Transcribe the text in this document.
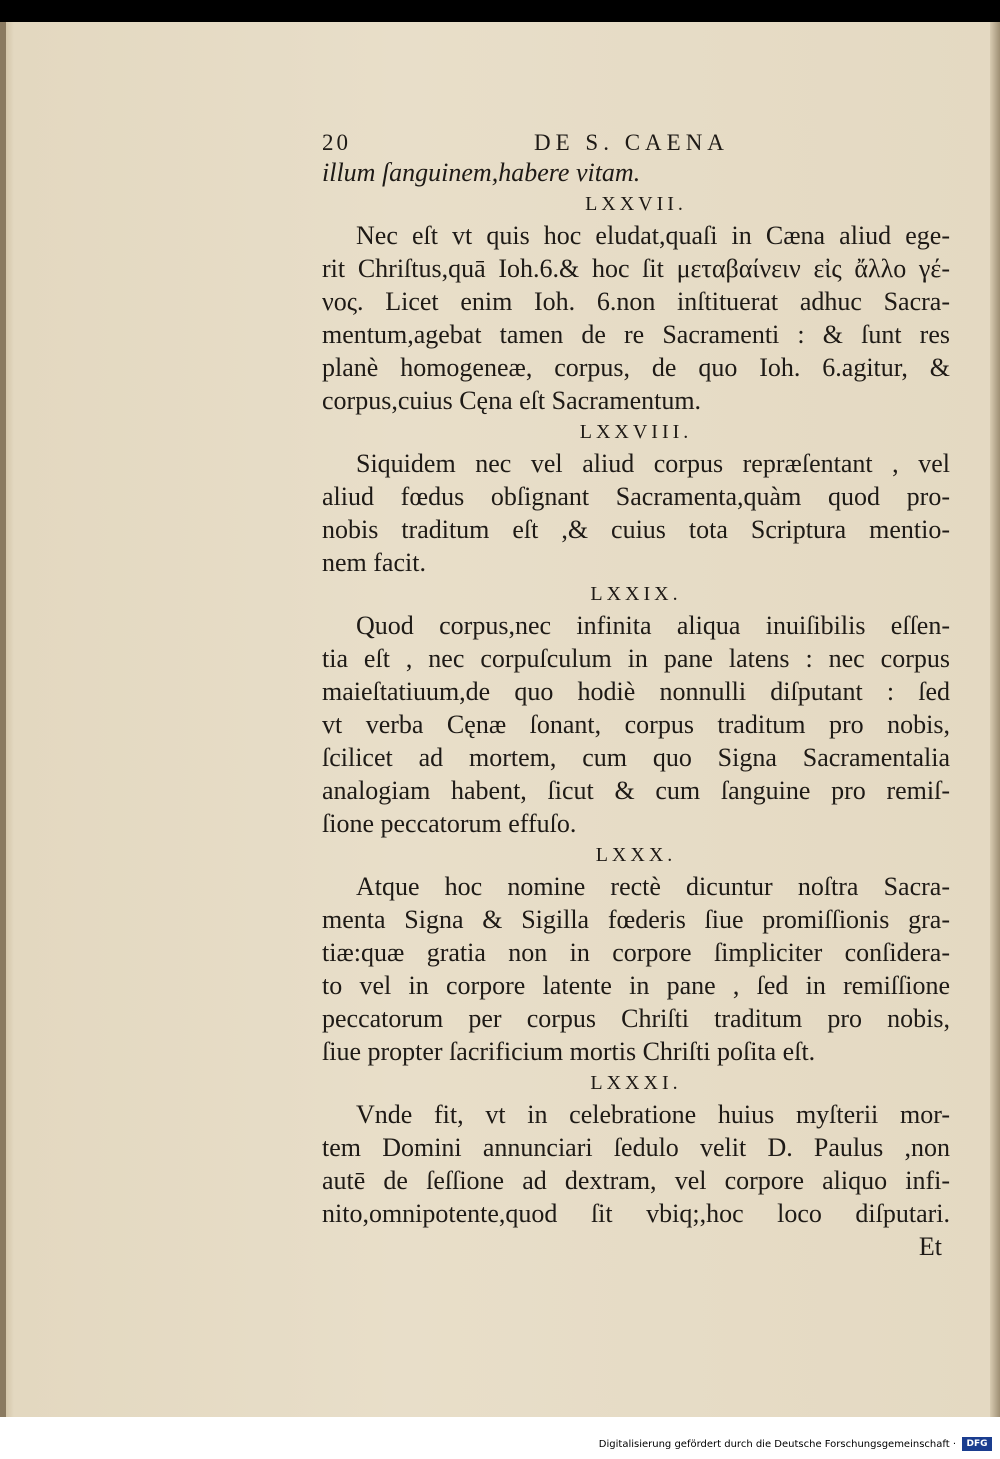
20	DE S. CAENA
illum ſanguinem,habere vitam.
LXXVII.
Nec eſt vt quis hoc eludat,quaſi in Cæna aliud ege-
rit Chriſtus,quā Ioh.6.& hoc ſit μεταβαίνειν εἰς ἄλλο γέ-
νος. Licet enim Ioh. 6.non inſtituerat adhuc Sacra-
mentum,agebat tamen de re Sacramenti : & ſunt res
planè homogeneæ, corpus, de quo Ioh. 6.agitur, &
corpus,cuius Cęna eſt Sacramentum.
LXXVIII.
Siquidem nec vel aliud corpus repræſentant , vel
aliud fœdus obſignant Sacramenta,quàm quod pro-
nobis traditum eſt ,& cuius tota Scriptura mentio-
nem facit.
LXXIX.
Quod corpus,nec infinita aliqua inuiſibilis eſſen-
tia eſt , nec corpuſculum in pane latens : nec corpus
maieſtatiuum,de quo hodiè nonnulli diſputant : ſed
vt verba Cęnæ ſonant, corpus traditum pro nobis,
ſcilicet ad mortem, cum quo Signa Sacramentalia
analogiam habent, ſicut & cum ſanguine pro remiſ-
ſione peccatorum effuſo.
LXXX.
Atque hoc nomine rectè dicuntur noſtra Sacra-
menta Signa & Sigilla fœderis ſiue promiſſionis gra-
tiæ:quæ gratia non in corpore ſimpliciter conſidera-
to vel in corpore latente in pane , ſed in remiſſione
peccatorum per corpus Chriſti traditum pro nobis,
ſiue propter ſacrificium mortis Chriſti poſita eſt.
LXXXI.
Vnde fit, vt in celebratione huius myſterii mor-
tem Domini annunciari ſedulo velit D. Paulus ,non
autē de ſeſſione ad dextram, vel corpore aliquo infi-
nito,omnipotente,quod ſit vbiq;,hoc loco diſputari.
Et
Digitalisierung gefördert durch die Deutsche Forschungsgemeinschaft ·	DFG
